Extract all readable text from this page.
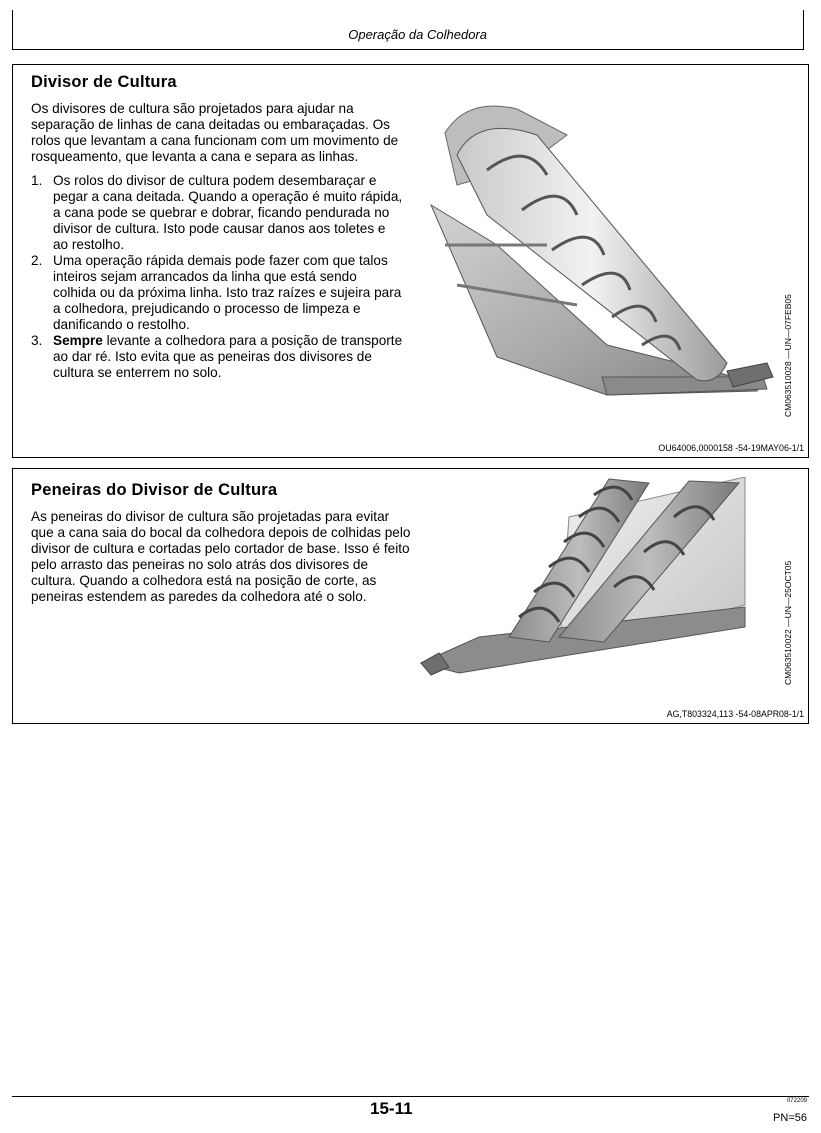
Operação da Colhedora
Divisor de Cultura

Os divisores de cultura são projetados para ajudar na separação de linhas de cana deitadas ou embaraçadas. Os rolos que levantam a cana funcionam com um movimento de rosqueamento, que levanta a cana e separa as linhas.

1. Os rolos do divisor de cultura podem desembaraçar e pegar a cana deitada. Quando a operação é muito rápida, a cana pode se quebrar e dobrar, ficando pendurada no divisor de cultura. Isto pode causar danos aos toletes e ao restolho.
2. Uma operação rápida demais pode fazer com que talos inteiros sejam arrancados da linha que está sendo colhida ou da próxima linha. Isto traz raízes e sujeira para a colhedora, prejudicando o processo de limpeza e danificando o restolho.
3. Sempre levante a colhedora para a posição de transporte ao dar ré. Isto evita que as peneiras dos divisores de cultura se enterrem no solo.	CM063510028 —UN—07FEB05
OU64006,0000158 -54-19MAY06-1/1
Peneiras do Divisor de Cultura

As peneiras do divisor de cultura são projetadas para evitar que a cana saia do bocal da colhedora depois de colhidas pelo divisor de cultura e cortadas pelo cortador de base. Isso é feito pelo arrasto das peneiras no solo atrás dos divisores de cultura. Quando a colhedora está na posição de corte, as peneiras estendem as paredes da colhedora até o solo.	CM063510022 —UN—25OCT05
AG,T803324,113 -54-08APR08-1/1
15-11	072209
PN=56
